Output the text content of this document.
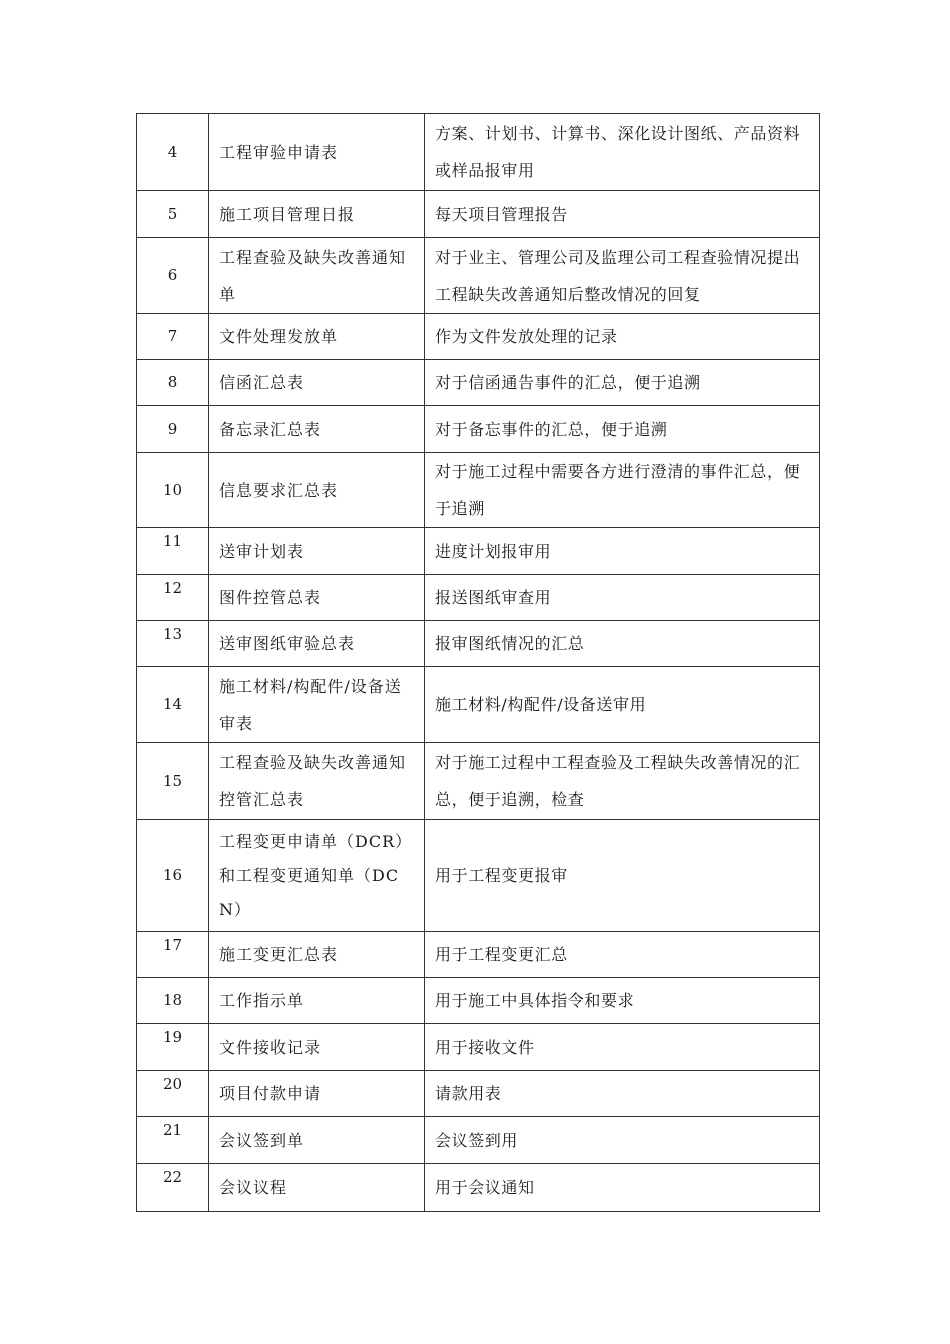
4	工程审验申请表	方案、计划书、计算书、深化设计图纸、产品资料或样品报审用
5	施工项目管理日报	每天项目管理报告
6	工程查验及缺失改善通知单	对于业主、管理公司及监理公司工程查验情况提出工程缺失改善通知后整改情况的回复
7	文件处理发放单	作为文件发放处理的记录
8	信函汇总表	对于信函通告事件的汇总，便于追溯
9	备忘录汇总表	对于备忘事件的汇总，便于追溯
10	信息要求汇总表	对于施工过程中需要各方进行澄清的事件汇总，便于追溯
11	送审计划表	进度计划报审用
12	图件控管总表	报送图纸审查用
13	送审图纸审验总表	报审图纸情况的汇总
14	施工材料/构配件/设备送审表	施工材料/构配件/设备送审用
15	工程查验及缺失改善通知控管汇总表	对于施工过程中工程查验及工程缺失改善情况的汇总，便于追溯，检查
16	工程变更申请单（DCR）和工程变更通知单（DCN）	用于工程变更报审
17	施工变更汇总表	用于工程变更汇总
18	工作指示单	用于施工中具体指令和要求
19	文件接收记录	用于接收文件
20	项目付款申请	请款用表
21	会议签到单	会议签到用
22	会议议程	用于会议通知
